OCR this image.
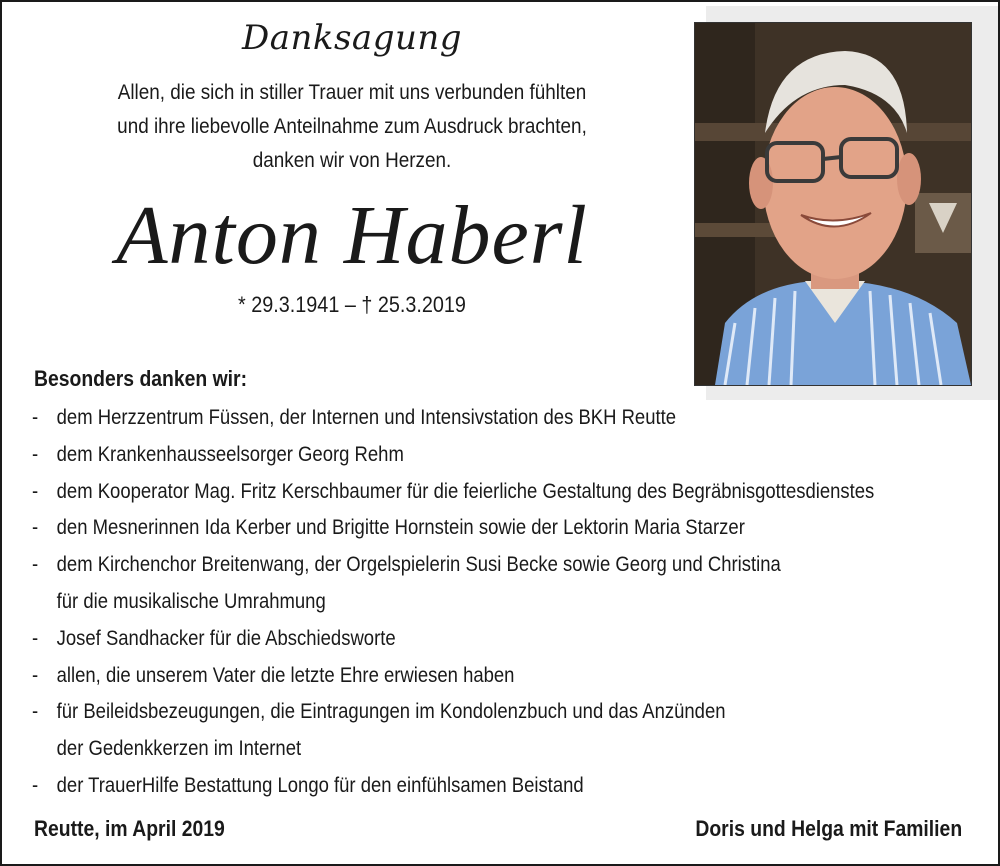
Danksagung
Allen, die sich in stiller Trauer mit uns verbunden fühlten
und ihre liebevolle Anteilnahme zum Ausdruck brachten,
danken wir von Herzen.
Anton Haberl
* 29.3.1941 – † 25.3.2019
Besonders danken wir:
- dem Herzzentrum Füssen, der Internen und Intensivstation des BKH Reutte
- dem Krankenhausseelsorger Georg Rehm
- dem Kooperator Mag. Fritz Kerschbaumer für die feierliche Gestaltung des Begräbnisgottesdienstes
- den Mesnerinnen Ida Kerber und Brigitte Hornstein sowie der Lektorin Maria Starzer
- dem Kirchenchor Breitenwang, der Orgelspielerin Susi Becke sowie Georg und Christina
für die musikalische Umrahmung
- Josef Sandhacker für die Abschiedsworte
- allen, die unserem Vater die letzte Ehre erwiesen haben
- für Beileidsbezeugungen, die Eintragungen im Kondolenzbuch und das Anzünden
der Gedenkkerzen im Internet
- der TrauerHilfe Bestattung Longo für den einfühlsamen Beistand
Reutte, im April 2019	Doris und Helga mit Familien
